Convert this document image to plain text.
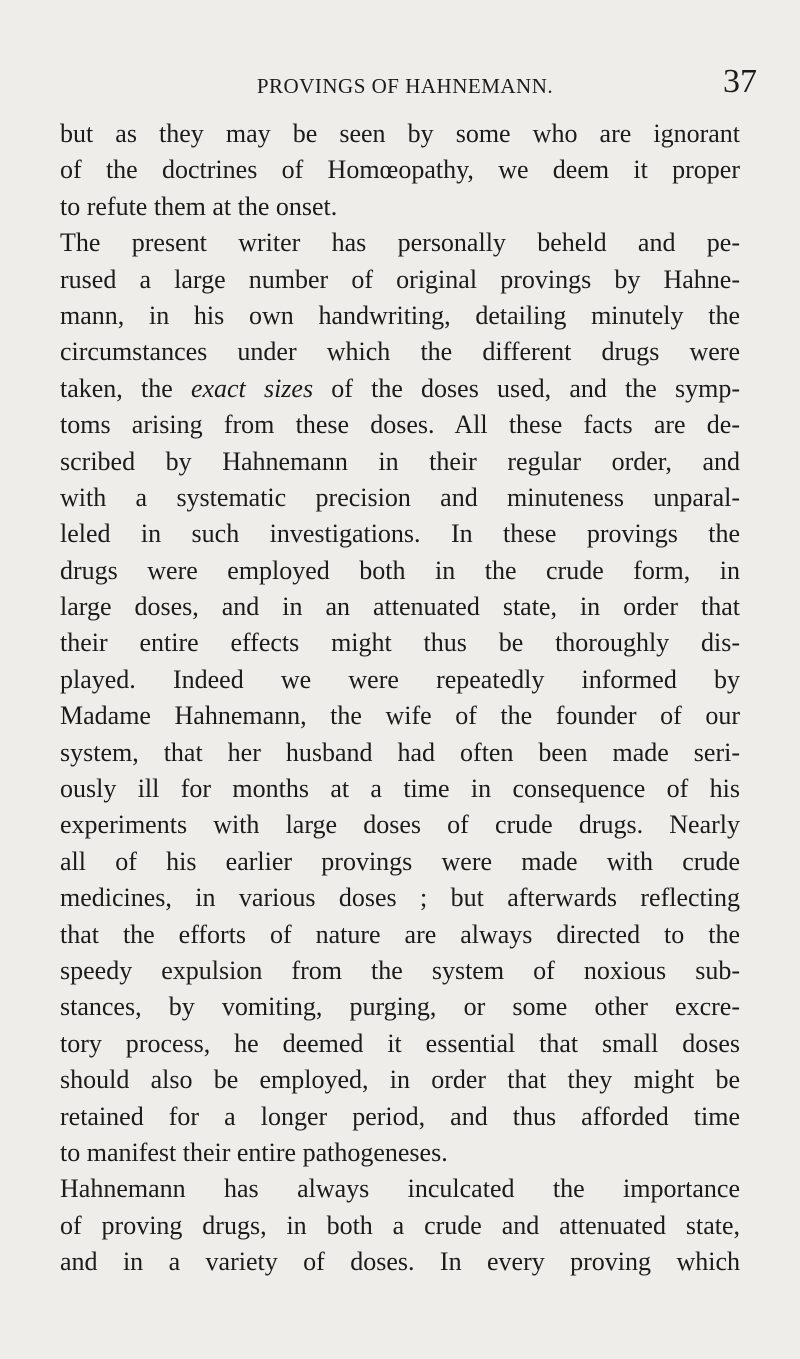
PROVINGS OF HAHNEMANN.	37
but as they may be seen by some who are ignorant
of the doctrines of Homœopathy, we deem it proper
to refute them at the onset.
The present writer has personally beheld and pe-
rused a large number of original provings by Hahne-
mann, in his own handwriting, detailing minutely the
circumstances under which the different drugs were
taken, the exact sizes of the doses used, and the symp-
toms arising from these doses. All these facts are de-
scribed by Hahnemann in their regular order, and
with a systematic precision and minuteness unparal-
leled in such investigations. In these provings the
drugs were employed both in the crude form, in
large doses, and in an attenuated state, in order that
their entire effects might thus be thoroughly dis-
played. Indeed we were repeatedly informed by
Madame Hahnemann, the wife of the founder of our
system, that her husband had often been made seri-
ously ill for months at a time in consequence of his
experiments with large doses of crude drugs. Nearly
all of his earlier provings were made with crude
medicines, in various doses ; but afterwards reflecting
that the efforts of nature are always directed to the
speedy expulsion from the system of noxious sub-
stances, by vomiting, purging, or some other excre-
tory process, he deemed it essential that small doses
should also be employed, in order that they might be
retained for a longer period, and thus afforded time
to manifest their entire pathogeneses.
Hahnemann has always inculcated the importance
of proving drugs, in both a crude and attenuated state,
and in a variety of doses. In every proving which
